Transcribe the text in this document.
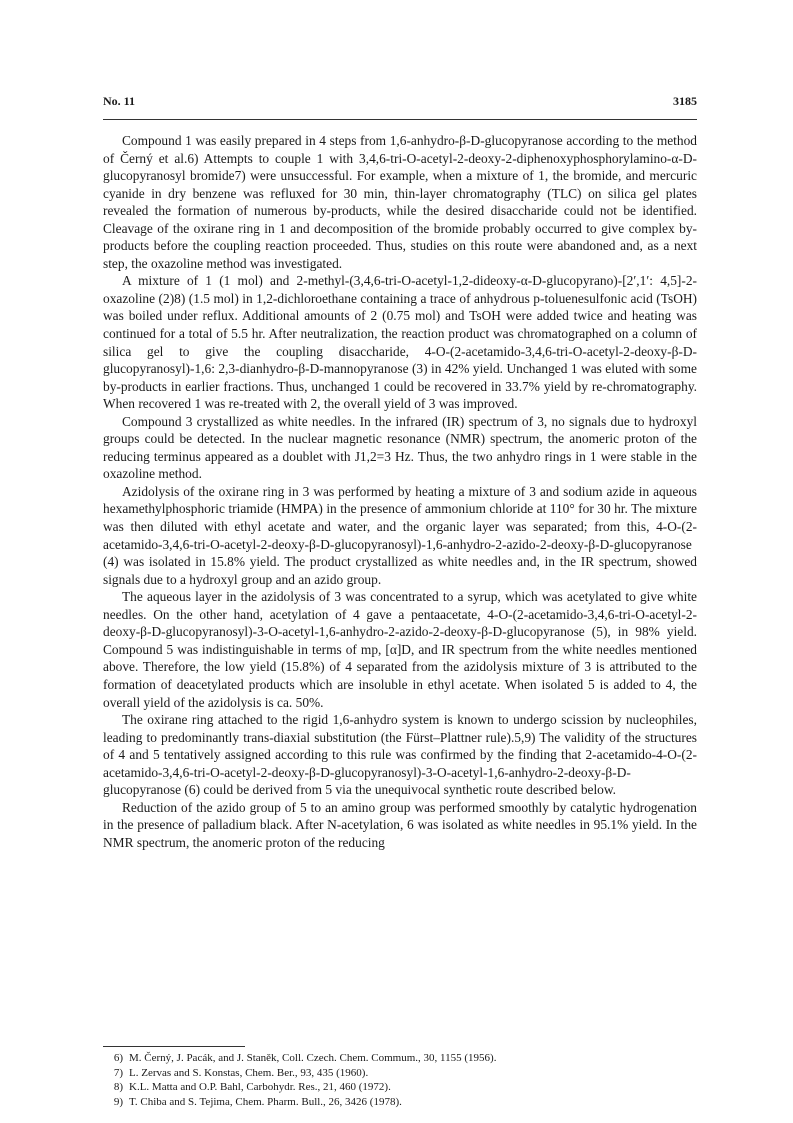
No. 11	3185

Compound 1 was easily prepared in 4 steps from 1,6-anhydro-β-D-glucopyranose according to the method of Černý et al.6) Attempts to couple 1 with 3,4,6-tri-O-acetyl-2-deoxy-2-diphenoxyphosphorylamino-α-D-glucopyranosyl bromide7) were unsuccessful. For example, when a mixture of 1, the bromide, and mercuric cyanide in dry benzene was refluxed for 30 min, thin-layer chromatography (TLC) on silica gel plates revealed the formation of numerous by-products, while the desired disaccharide could not be identified. Cleavage of the oxirane ring in 1 and decomposition of the bromide probably occurred to give complex by-products before the coupling reaction proceeded. Thus, studies on this route were abandoned and, as a next step, the oxazoline method was investigated.

A mixture of 1 (1 mol) and 2-methyl-(3,4,6-tri-O-acetyl-1,2-dideoxy-α-D-glucopyrano)-[2′,1′: 4,5]-2-oxazoline (2)8) (1.5 mol) in 1,2-dichloroethane containing a trace of anhydrous p-toluenesulfonic acid (TsOH) was boiled under reflux. Additional amounts of 2 (0.75 mol) and TsOH were added twice and heating was continued for a total of 5.5 hr. After neutralization, the reaction product was chromatographed on a column of silica gel to give the coupling disaccharide, 4-O-(2-acetamido-3,4,6-tri-O-acetyl-2-deoxy-β-D-glucopyranosyl)-1,6: 2,3-dianhydro-β-D-mannopyranose (3) in 42% yield. Unchanged 1 was eluted with some by-products in earlier fractions. Thus, unchanged 1 could be recovered in 33.7% yield by re-chromatography. When recovered 1 was re-treated with 2, the overall yield of 3 was improved.

Compound 3 crystallized as white needles. In the infrared (IR) spectrum of 3, no signals due to hydroxyl groups could be detected. In the nuclear magnetic resonance (NMR) spectrum, the anomeric proton of the reducing terminus appeared as a doublet with J1,2=3 Hz. Thus, the two anhydro rings in 1 were stable in the oxazoline method.

Azidolysis of the oxirane ring in 3 was performed by heating a mixture of 3 and sodium azide in aqueous hexamethylphosphoric triamide (HMPA) in the presence of ammonium chloride at 110° for 30 hr. The mixture was then diluted with ethyl acetate and water, and the organic layer was separated; from this, 4-O-(2-acetamido-3,4,6-tri-O-acetyl-2-deoxy-β-D-glucopyranosyl)-1,6-anhydro-2-azido-2-deoxy-β-D-glucopyranose (4) was isolated in 15.8% yield. The product crystallized as white needles and, in the IR spectrum, showed signals due to a hydroxyl group and an azido group.

The aqueous layer in the azidolysis of 3 was concentrated to a syrup, which was acetylated to give white needles. On the other hand, acetylation of 4 gave a pentaacetate, 4-O-(2-acetamido-3,4,6-tri-O-acetyl-2-deoxy-β-D-glucopyranosyl)-3-O-acetyl-1,6-anhydro-2-azido-2-deoxy-β-D-glucopyranose (5), in 98% yield. Compound 5 was indistinguishable in terms of mp, [α]D, and IR spectrum from the white needles mentioned above. Therefore, the low yield (15.8%) of 4 separated from the azidolysis mixture of 3 is attributed to the formation of deacetylated products which are insoluble in ethyl acetate. When isolated 5 is added to 4, the overall yield of the azidolysis is ca. 50%.

The oxirane ring attached to the rigid 1,6-anhydro system is known to undergo scission by nucleophiles, leading to predominantly trans-diaxial substitution (the Fürst–Plattner rule).5,9) The validity of the structures of 4 and 5 tentatively assigned according to this rule was confirmed by the finding that 2-acetamido-4-O-(2-acetamido-3,4,6-tri-O-acetyl-2-deoxy-β-D-glucopyranosyl)-3-O-acetyl-1,6-anhydro-2-deoxy-β-D-glucopyranose (6) could be derived from 5 via the unequivocal synthetic route described below.

Reduction of the azido group of 5 to an amino group was performed smoothly by catalytic hydrogenation in the presence of palladium black. After N-acetylation, 6 was isolated as white needles in 95.1% yield. In the NMR spectrum, the anomeric proton of the reducing

6) M. Černý, J. Pacák, and J. Staněk, Coll. Czech. Chem. Commum., 30, 1155 (1956).
7) L. Zervas and S. Konstas, Chem. Ber., 93, 435 (1960).
8) K.L. Matta and O.P. Bahl, Carbohydr. Res., 21, 460 (1972).
9) T. Chiba and S. Tejima, Chem. Pharm. Bull., 26, 3426 (1978).
